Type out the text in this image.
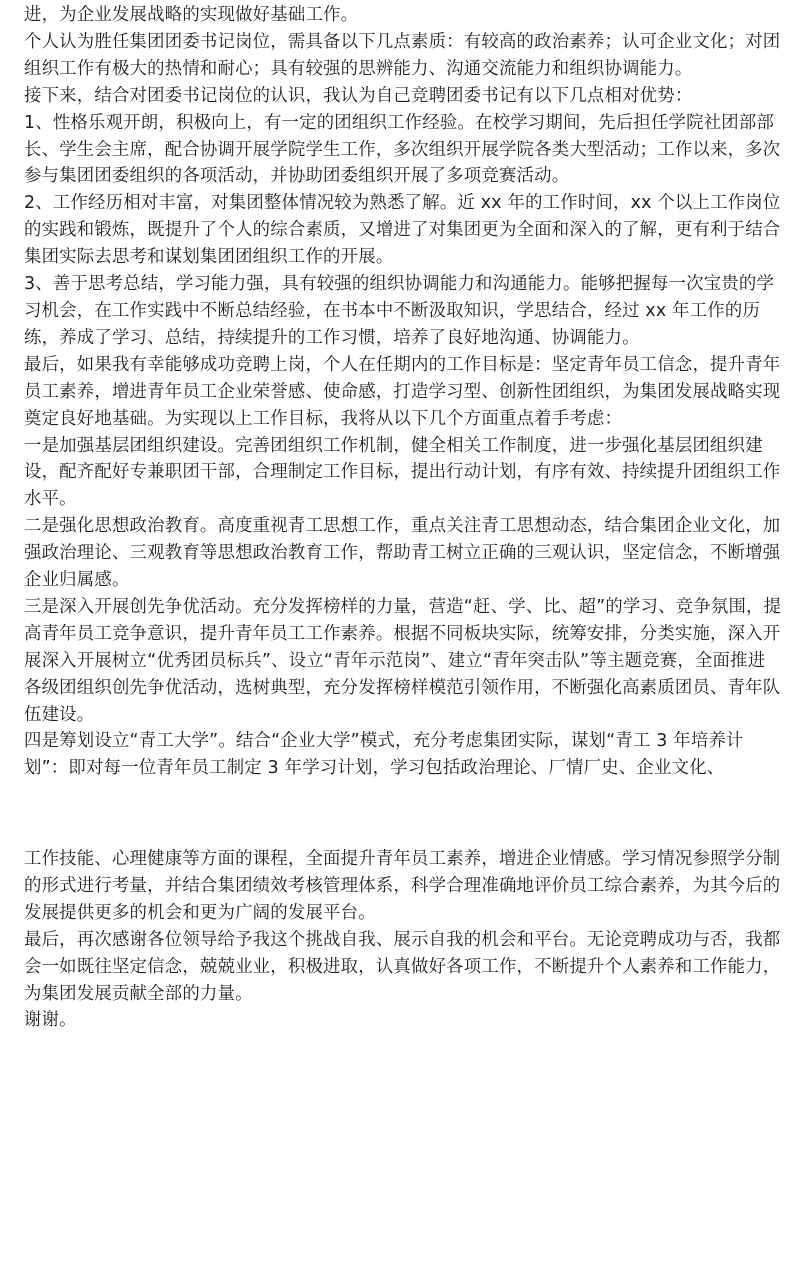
进，为企业发展战略的实现做好基础工作。

个人认为胜任集团团委书记岗位，需具备以下几点素质：有较高的政治素养；认可企业文化；对团组织工作有极大的热情和耐心；具有较强的思辨能力、沟通交流能力和组织协调能力。

接下来，结合对团委书记岗位的认识，我认为自己竞聘团委书记有以下几点相对优势：

1、性格乐观开朗，积极向上，有一定的团组织工作经验。在校学习期间，先后担任学院社团部部长、学生会主席，配合协调开展学院学生工作，多次组织开展学院各类大型活动；工作以来，多次参与集团团委组织的各项活动，并协助团委组织开展了多项竞赛活动。

2、工作经历相对丰富，对集团整体情况较为熟悉了解。近 xx 年的工作时间，xx 个以上工作岗位的实践和锻炼，既提升了个人的综合素质，又增进了对集团更为全面和深入的了解，更有利于结合集团实际去思考和谋划集团团组织工作的开展。

3、善于思考总结，学习能力强，具有较强的组织协调能力和沟通能力。能够把握每一次宝贵的学习机会，在工作实践中不断总结经验，在书本中不断汲取知识，学思结合，经过 xx 年工作的历练，养成了学习、总结，持续提升的工作习惯，培养了良好地沟通、协调能力。

最后，如果我有幸能够成功竞聘上岗，个人在任期内的工作目标是：坚定青年员工信念，提升青年员工素养，增进青年员工企业荣誉感、使命感，打造学习型、创新性团组织，为集团发展战略实现奠定良好地基础。为实现以上工作目标，我将从以下几个方面重点着手考虑：

一是加强基层团组织建设。完善团组织工作机制，健全相关工作制度，进一步强化基层团组织建设，配齐配好专兼职团干部，合理制定工作目标，提出行动计划，有序有效、持续提升团组织工作水平。

二是强化思想政治教育。高度重视青工思想工作，重点关注青工思想动态，结合集团企业文化，加强政治理论、三观教育等思想政治教育工作，帮助青工树立正确的三观认识，坚定信念，不断增强企业归属感。

三是深入开展创先争优活动。充分发挥榜样的力量，营造“赶、学、比、超”的学习、竞争氛围，提高青年员工竞争意识，提升青年员工工作素养。根据不同板块实际，统筹安排，分类实施，深入开展深入开展树立“优秀团员标兵”、设立“青年示范岗”、建立“青年突击队”等主题竞赛，全面推进各级团组织创先争优活动，选树典型，充分发挥榜样模范引领作用，不断强化高素质团员、青年队伍建设。

四是筹划设立“青工大学”。结合“企业大学”模式，充分考虑集团实际，谋划“青工 3 年培养计划”：即对每一位青年员工制定 3 年学习计划，学习包括政治理论、厂情厂史、企业文化、

工作技能、心理健康等方面的课程，全面提升青年员工素养，增进企业情感。学习情况参照学分制的形式进行考量，并结合集团绩效考核管理体系，科学合理准确地评价员工综合素养，为其今后的发展提供更多的机会和更为广阔的发展平台。

最后，再次感谢各位领导给予我这个挑战自我、展示自我的机会和平台。无论竞聘成功与否，我都会一如既往坚定信念，兢兢业业，积极进取，认真做好各项工作，不断提升个人素养和工作能力，为集团发展贡献全部的力量。

谢谢。
